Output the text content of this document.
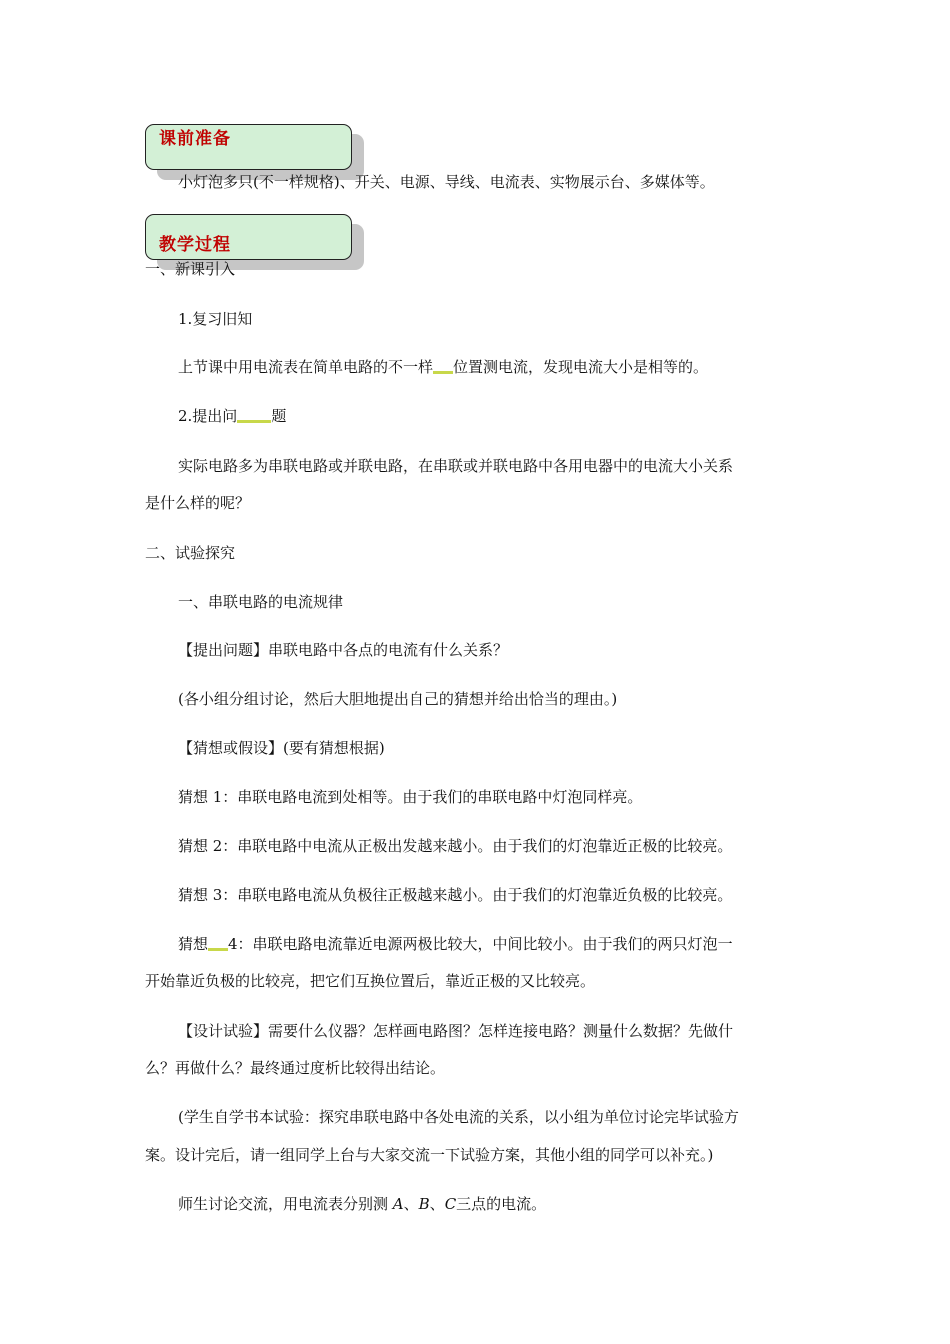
课前准备
小灯泡多只(不一样规格)、开关、电源、导线、电流表、实物展示台、多媒体等。
教学过程
一、新课引入
1.复习旧知
上节课中用电流表在简单电路的不一样 位置测电流，发现电流大小是相等的。
2.提出问 题
实际电路多为串联电路或并联电路，在串联或并联电路中各用电器中的电流大小关系
是什么样的呢？
二、试验探究
一、串联电路的电流规律
【提出问题】串联电路中各点的电流有什么关系？
(各小组分组讨论，然后大胆地提出自己的猜想并给出恰当的理由。)
【猜想或假设】(要有猜想根据)
猜想 1：串联电路电流到处相等。由于我们的串联电路中灯泡同样亮。
猜想 2：串联电路中电流从正极出发越来越小。由于我们的灯泡靠近正极的比较亮。
猜想 3：串联电路电流从负极往正极越来越小。由于我们的灯泡靠近负极的比较亮。
猜想 4：串联电路电流靠近电源两极比较大，中间比较小。由于我们的两只灯泡一
开始靠近负极的比较亮，把它们互换位置后，靠近正极的又比较亮。
【设计试验】需要什么仪器？怎样画电路图？怎样连接电路？测量什么数据？先做什
么？再做什么？最终通过度析比较得出结论。
(学生自学书本试验：探究串联电路中各处电流的关系，以小组为单位讨论完毕试验方
案。设计完后，请一组同学上台与大家交流一下试验方案，其他小组的同学可以补充。)
师生讨论交流，用电流表分别测 A、B、C三点的电流。
